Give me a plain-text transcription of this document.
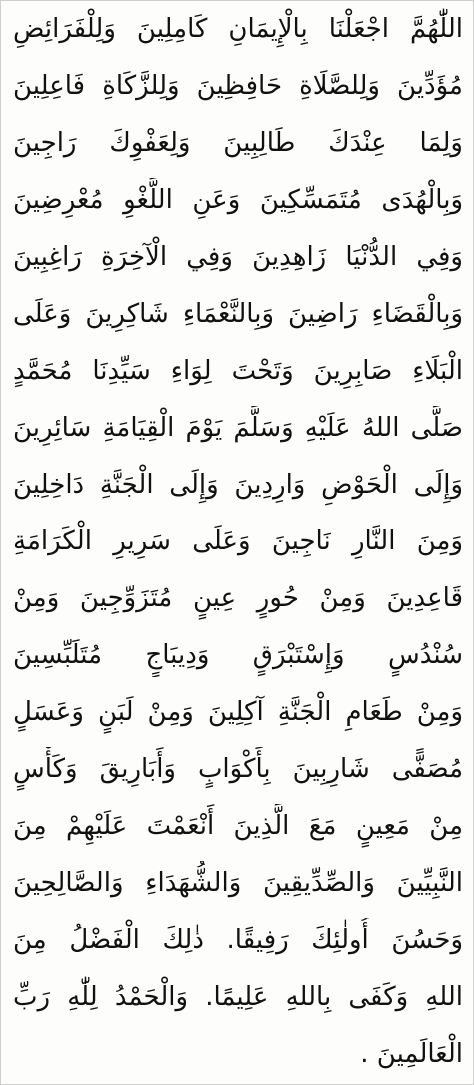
اللّٰهُمَّ اجْعَلْنَا بِالْإِيمَانِ كَامِلِينَ وَلِلْفَرَائِضِ
مُؤَدِّينَ وَلِلصَّلَاةِ حَافِظِينَ وَلِلزَّكَاةِ فَاعِلِينَ
وَلِمَا عِنْدَكَ طَالِبِينَ وَلِعَفْوِكَ رَاجِينَ
وَبِالْهُدَى مُتَمَسِّكِينَ وَعَنِ اللَّغْوِ مُعْرِضِينَ
وَفِي الدُّنْيَا زَاهِدِينَ وَفِي الْآخِرَةِ رَاغِبِينَ
وَبِالْقَضَاءِ رَاضِينَ وَبِالنَّعْمَاءِ شَاكِرِينَ وَعَلَى
الْبَلَاءِ صَابِرِينَ وَتَحْتَ لِوَاءِ سَيِّدِنَا مُحَمَّدٍ
صَلَّى اللهُ عَلَيْهِ وَسَلَّمَ يَوْمَ الْقِيَامَةِ سَائِرِينَ
وَإِلَى الْحَوْضِ وَارِدِينَ وَإِلَى الْجَنَّةِ دَاخِلِينَ
وَمِنَ النَّارِ نَاجِينَ وَعَلَى سَرِيرِ الْكَرَامَةِ
قَاعِدِينَ وَمِنْ حُورٍ عِينٍ مُتَزَوِّجِينَ وَمِنْ
سُنْدُسٍ وَإِسْتَبْرَقٍ وَدِيبَاجٍ مُتَلَبِّسِينَ
وَمِنْ طَعَامِ الْجَنَّةِ آكِلِينَ وَمِنْ لَبَنٍ وَعَسَلٍ
مُصَفًّى شَارِبِينَ بِأَكْوَابٍ وَأَبَارِيقَ وَكَأْسٍ
مِنْ مَعِينٍ مَعَ الَّذِينَ أَنْعَمْتَ عَلَيْهِمْ مِنَ
النَّبِيِّينَ وَالصِّدِّيقِينَ وَالشُّهَدَاءِ وَالصَّالِحِينَ
وَحَسُنَ أُولٰئِكَ رَفِيقًا. ذٰلِكَ الْفَضْلُ مِنَ
اللهِ وَكَفَى بِاللهِ عَلِيمًا. وَالْحَمْدُ لِلّٰهِ رَبِّ
الْعَالَمِينَ .
